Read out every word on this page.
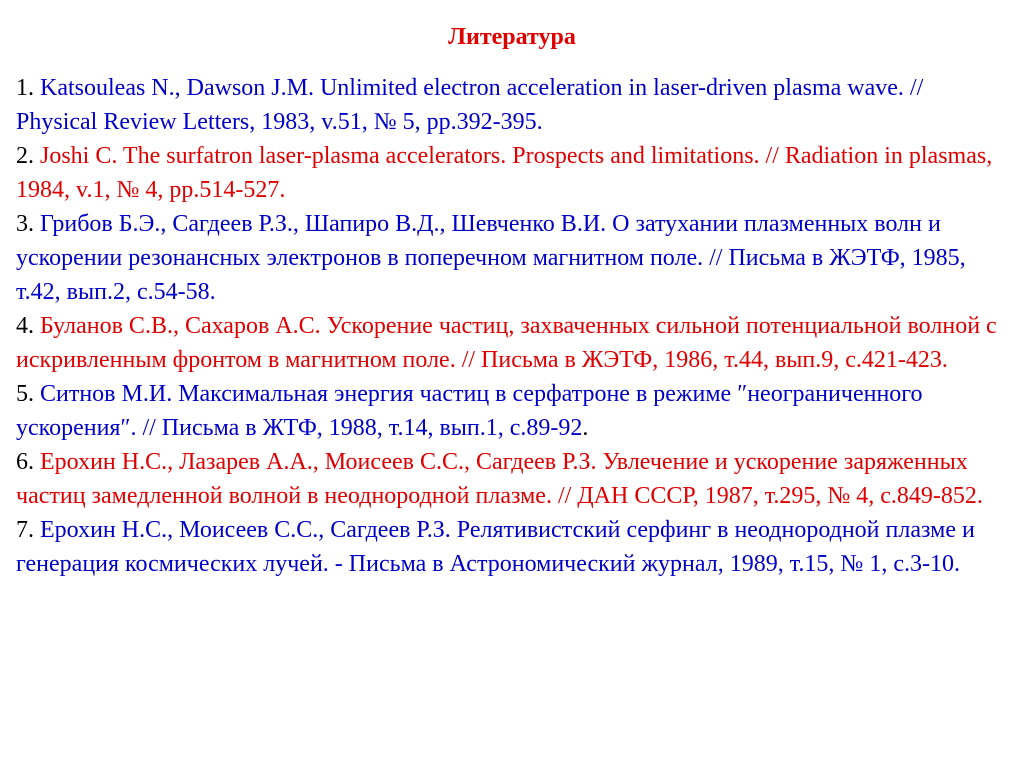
Литература
1. Katsouleas N., Dawson J.M. Unlimited electron acceleration in laser-driven plasma wave. // Physical Review Letters, 1983, v.51, № 5, pp.392-395.
2. Joshi C. The surfatron laser-plasma accelerators. Prospects and limitations. // Radiation in plasmas, 1984, v.1, № 4, pp.514-527.
3. Грибов Б.Э., Сагдеев Р.З., Шапиро В.Д., Шевченко В.И. О затухании плазменных волн и ускорении резонансных электронов в поперечном магнитном поле. // Письма в ЖЭТФ, 1985, т.42, вып.2, с.54-58.
4. Буланов С.В., Сахаров А.С. Ускорение частиц, захваченных сильной потенциальной волной с искривленным фронтом в магнитном поле. // Письма в ЖЭТФ, 1986, т.44, вып.9, с.421-423.
5. Ситнов М.И. Максимальная энергия частиц в серфатроне в режиме ″неограниченного ускорения″. // Письма в ЖТФ, 1988, т.14, вып.1, с.89-92.
6. Ерохин Н.С., Лазарев А.А., Моисеев С.С., Сагдеев Р.З. Увлечение и ускорение заряженных частиц замедленной волной в неоднородной плазме. // ДАН СССР, 1987, т.295, № 4, с.849-852.
7. Ерохин Н.С., Моисеев С.С., Сагдеев Р.З. Релятивистский серфинг в неоднородной плазме и генерация космических лучей. - Письма в Астрономический журнал, 1989, т.15, № 1, с.3-10.
